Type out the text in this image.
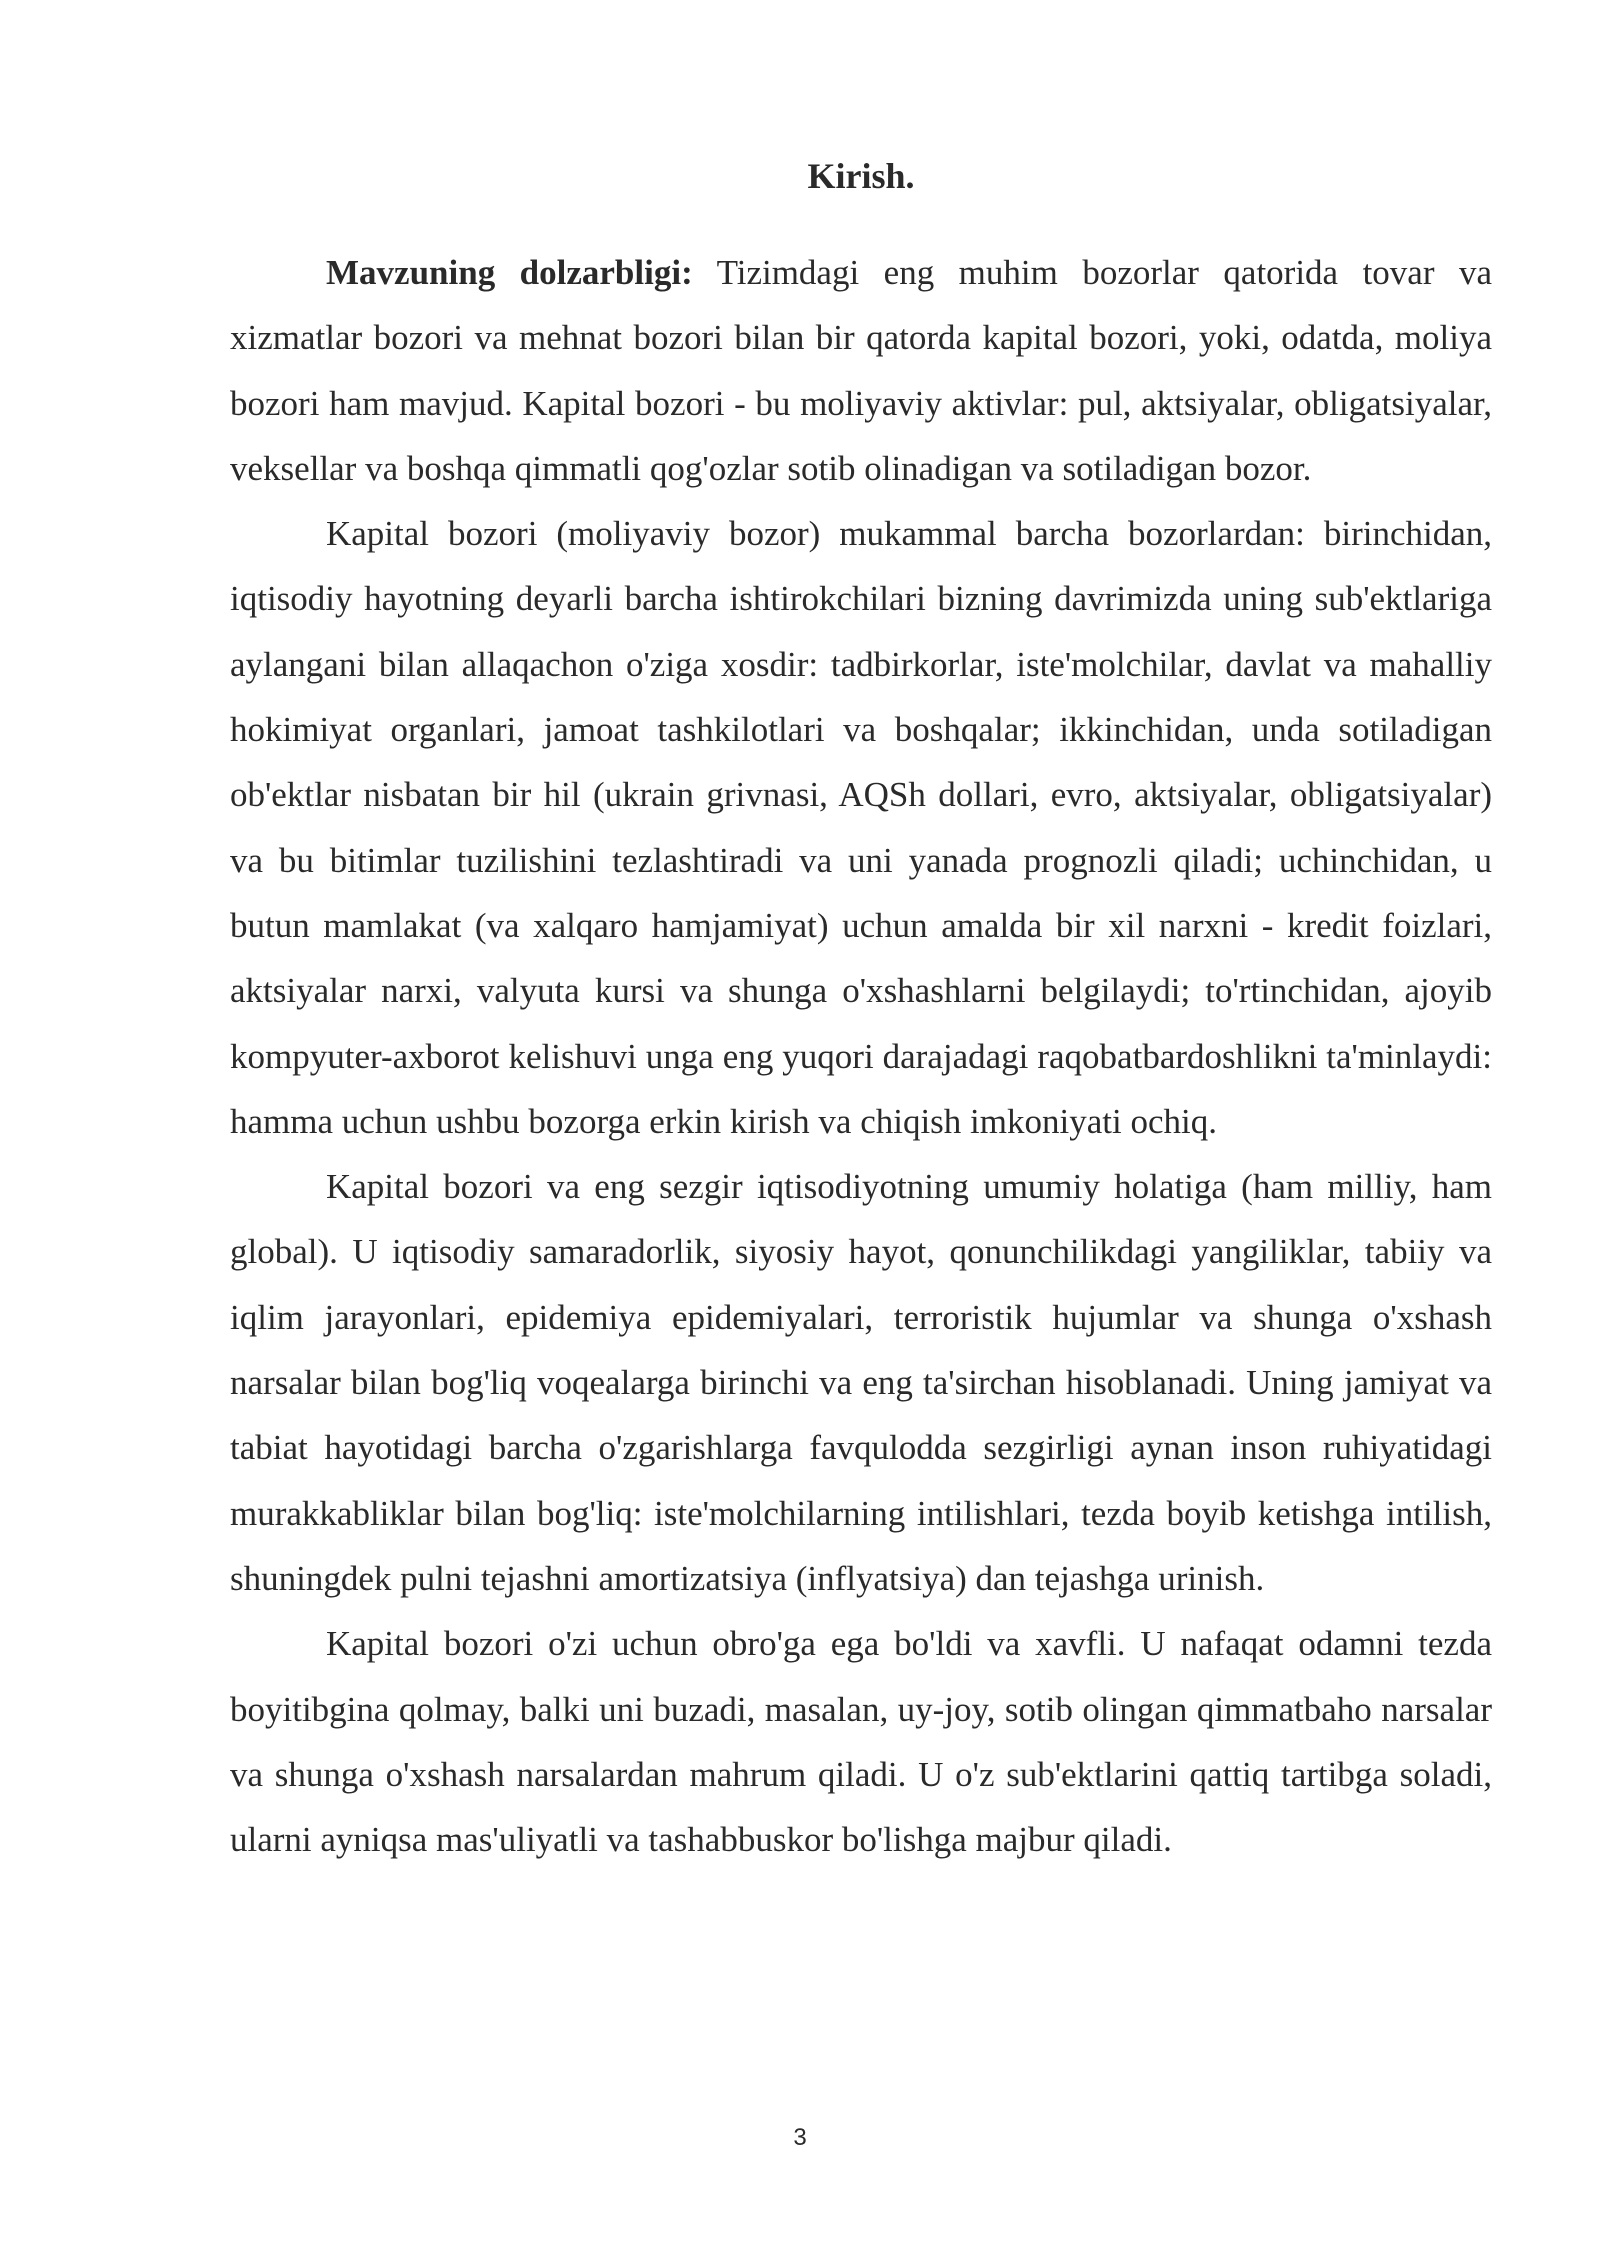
Kirish.

Mavzuning dolzarbligi: Tizimdagi eng muhim bozorlar qatorida tovar va xizmatlar bozori va mehnat bozori bilan bir qatorda kapital bozori, yoki, odatda, moliya bozori ham mavjud. Kapital bozori - bu moliyaviy aktivlar: pul, aktsiyalar, obligatsiyalar, veksellar va boshqa qimmatli qog'ozlar sotib olinadigan va sotiladigan bozor.

Kapital bozori (moliyaviy bozor) mukammal barcha bozorlardan: birinchidan, iqtisodiy hayotning deyarli barcha ishtirokchilari bizning davrimizda uning sub'ektlariga aylangani bilan allaqachon o'ziga xosdir: tadbirkorlar, iste'molchilar, davlat va mahalliy hokimiyat organlari, jamoat tashkilotlari va boshqalar; ikkinchidan, unda sotiladigan ob'ektlar nisbatan bir hil (ukrain grivnasi, AQSh dollari, evro, aktsiyalar, obligatsiyalar) va bu bitimlar tuzilishini tezlashtiradi va uni yanada prognozli qiladi; uchinchidan, u butun mamlakat (va xalqaro hamjamiyat) uchun amalda bir xil narxni - kredit foizlari, aktsiyalar narxi, valyuta kursi va shunga o'xshashlarni belgilaydi; to'rtinchidan, ajoyib kompyuter-axborot kelishuvi unga eng yuqori darajadagi raqobatbardoshlikni ta'minlaydi: hamma uchun ushbu bozorga erkin kirish va chiqish imkoniyati ochiq.

Kapital bozori va eng sezgir iqtisodiyotning umumiy holatiga (ham milliy, ham global). U iqtisodiy samaradorlik, siyosiy hayot, qonunchilikdagi yangiliklar, tabiiy va iqlim jarayonlari, epidemiya epidemiyalari, terroristik hujumlar va shunga o'xshash narsalar bilan bog'liq voqealarga birinchi va eng ta'sirchan hisoblanadi. Uning jamiyat va tabiat hayotidagi barcha o'zgarishlarga favqulodda sezgirligi aynan inson ruhiyatidagi murakkabliklar bilan bog'liq: iste'molchilarning intilishlari, tezda boyib ketishga intilish, shuningdek pulni tejashni amortizatsiya (inflyatsiya) dan tejashga urinish.

Kapital bozori o'zi uchun obro'ga ega bo'ldi va xavfli. U nafaqat odamni tezda boyitibgina qolmay, balki uni buzadi, masalan, uy-joy, sotib olingan qimmatbaho narsalar va shunga o'xshash narsalardan mahrum qiladi. U o'z sub'ektlarini qattiq tartibga soladi, ularni ayniqsa mas'uliyatli va tashabbuskor bo'lishga majbur qiladi.

3
